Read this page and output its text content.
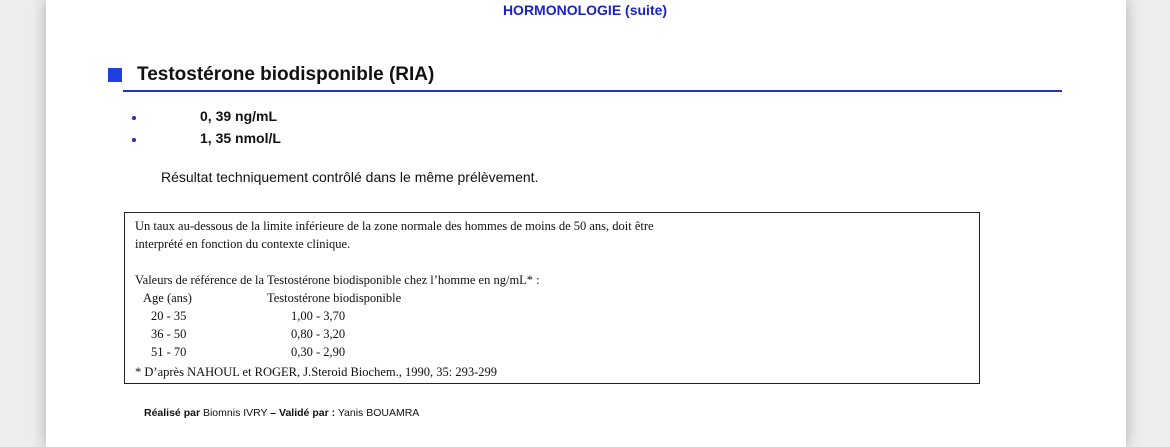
HORMONOLOGIE (suite)
Testostérone biodisponible (RIA)
0, 39 ng/mL
1, 35 nmol/L
Résultat techniquement contrôlé dans le même prélèvement.
Un taux au-dessous de la limite inférieure de la zone normale des hommes de moins de 50 ans, doit être
interprété en fonction du contexte clinique.
Valeurs de référence de la Testostérone biodisponible chez l’homme en ng/mL* :
Age (ans)	Testostérone biodisponible
20 - 35	1,00 - 3,70
36 - 50	0,80 - 3,20
51 - 70	0,30 - 2,90
* D’après NAHOUL et ROGER, J.Steroid Biochem., 1990, 35: 293-299
Réalisé par Biomnis IVRY – Validé par : Yanis BOUAMRA
